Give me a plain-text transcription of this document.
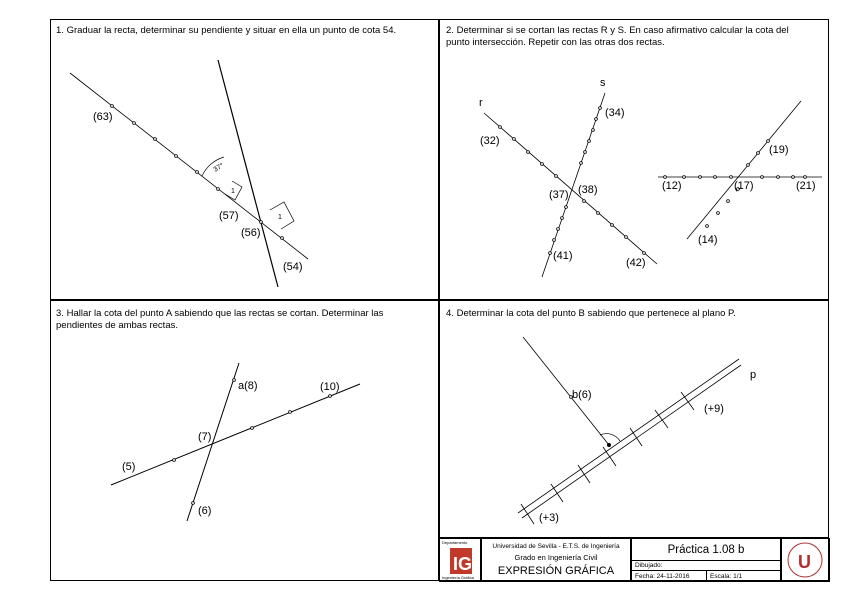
1. Graduar la recta, determinar su pendiente y situar en ella un punto de cota 54.	2. Determinar si se cortan las rectas R y S. En caso afirmativo calcular la cota del punto intersección. Repetir con las otras dos rectas.
3. Hallar la cota del punto A sabiendo que las rectas se cortan. Determinar las pendientes de ambas rectas.
4. Determinar la cota del punto B sabiendo que pertenece al plano P.
(63)
(57)
(56)
(54)
37°
1
1
r
s
(34)
(32)
(37) (38)
(41)
(42)
(19)
(12)	(17)	(21)
(14)
a(8)	(10)
(7)
(5)
(6)
b(6)
p
(+9)
(+3)
IG
Departamento
Ingeniería Gráfica
Universidad de Sevilla - E.T.S. de Ingeniería
Grado en Ingeniería Civil
EXPRESIÓN GRÁFICA
Práctica 1.08 b
Dibujado:
Fecha: 24-11-2016	Escala: 1/1
U
